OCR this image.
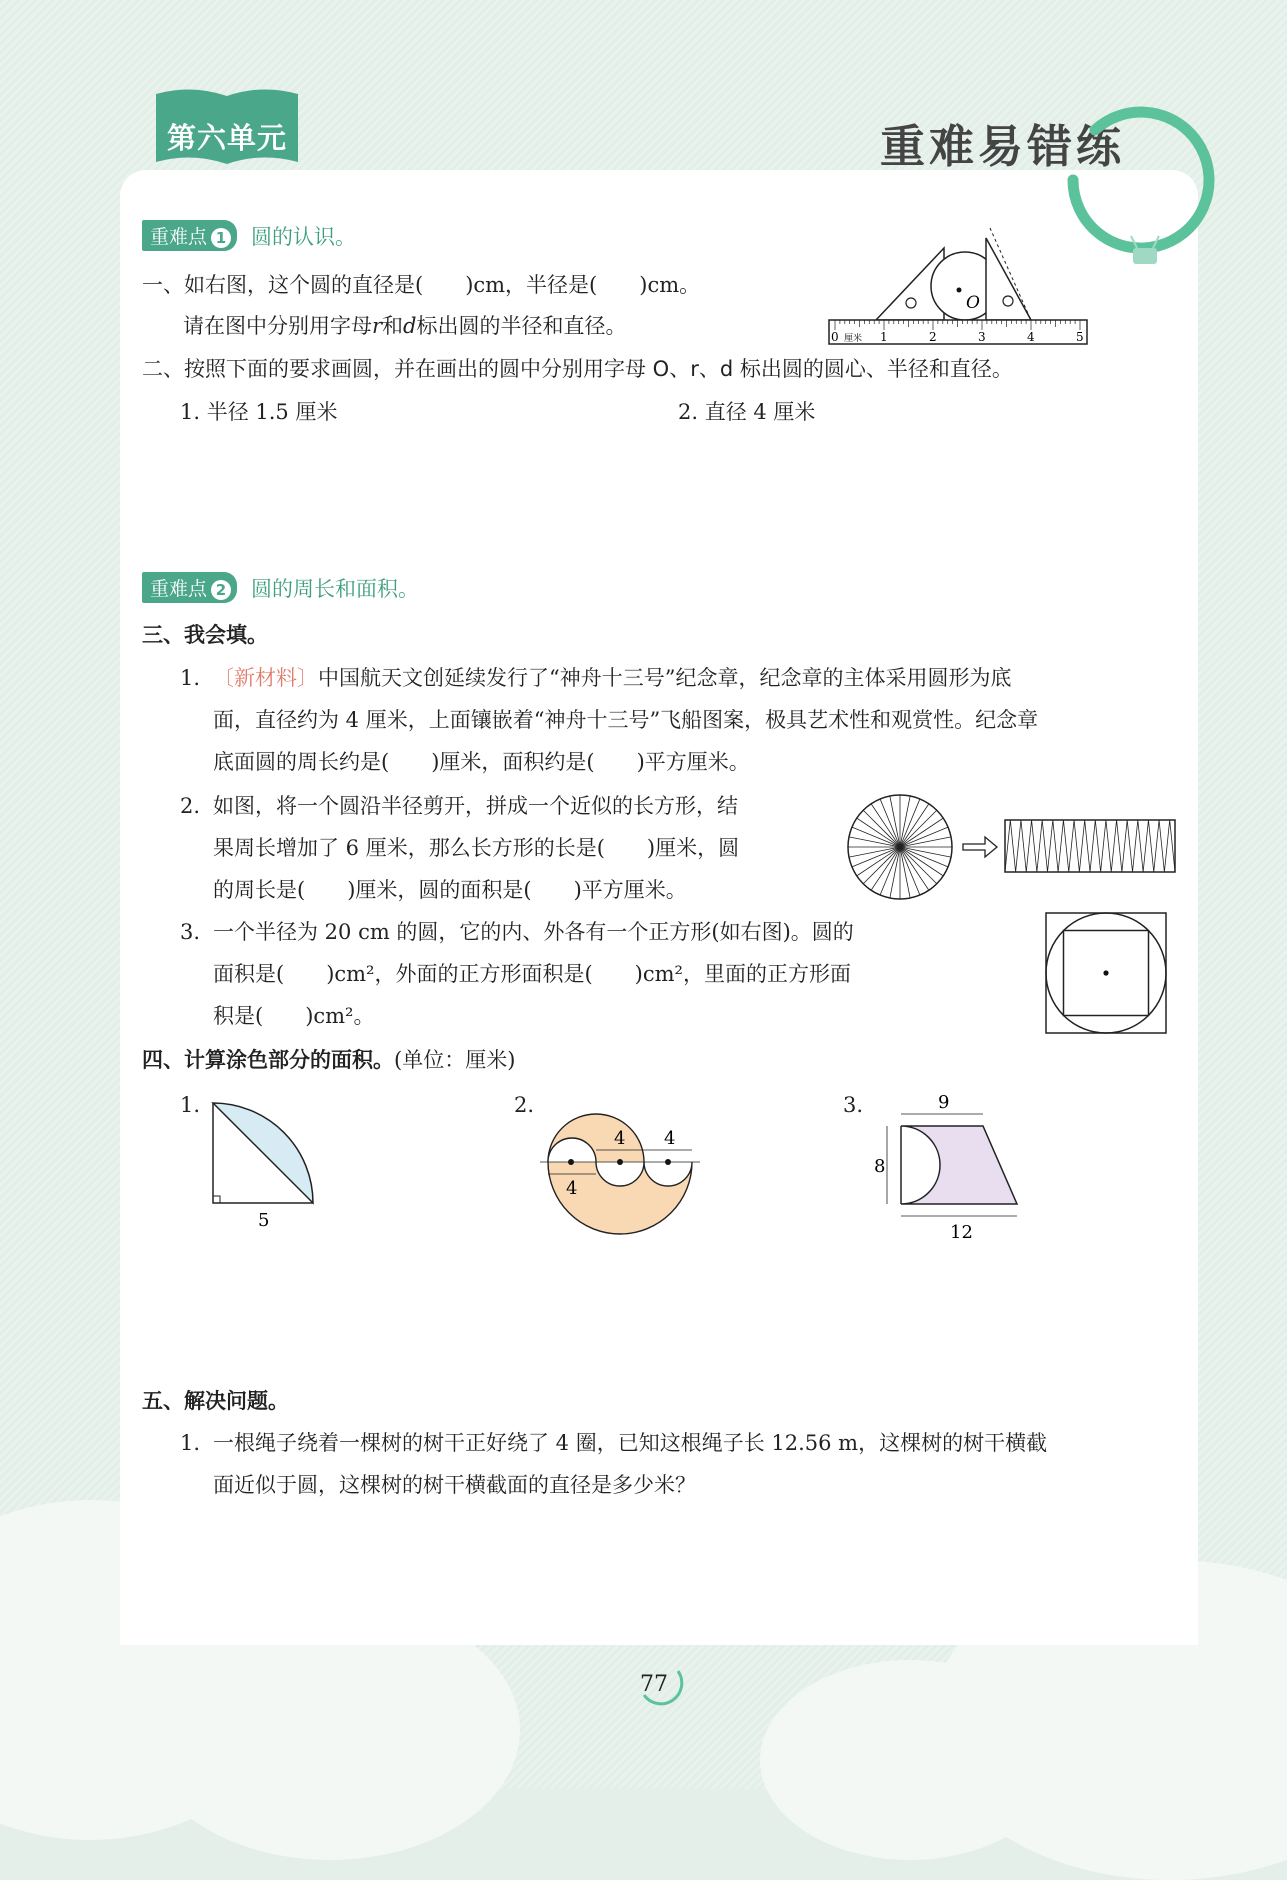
第六单元	重难易错练
重难点 1 圆的认识。
一、如右图，这个圆的直径是(　　)cm，半径是(　　)cm。
请在图中分别用字母r和d标出圆的半径和直径。
O
0	1	2	3	4	5
厘米
二、按照下面的要求画圆，并在画出的圆中分别用字母 O、r、d 标出圆的圆心、半径和直径。
1. 半径 1.5 厘米	2. 直径 4 厘米
重难点 2 圆的周长和面积。
三、我会填。
1. 〔新材料〕中国航天文创延续发行了“神舟十三号”纪念章，纪念章的主体采用圆形为底
面，直径约为 4 厘米，上面镶嵌着“神舟十三号”飞船图案，极具艺术性和观赏性。纪念章
底面圆的周长约是(　　)厘米，面积约是(　　)平方厘米。
2. 如图，将一个圆沿半径剪开，拼成一个近似的长方形，结
果周长增加了 6 厘米，那么长方形的长是(　　)厘米，圆
的周长是(　　)厘米，圆的面积是(　　)平方厘米。
3. 一个半径为 20 cm 的圆，它的内、外各有一个正方形(如右图)。圆的
面积是(　　)cm²，外面的正方形面积是(　　)cm²，里面的正方形面
积是(　　)cm²。
四、计算涂色部分的面积。(单位：厘米)
1.
5
2.
4 4
4
3.	9
8
12
五、解决问题。
1. 一根绳子绕着一棵树的树干正好绕了 4 圈，已知这根绳子长 12.56 m，这棵树的树干横截
面近似于圆，这棵树的树干横截面的直径是多少米？
77
